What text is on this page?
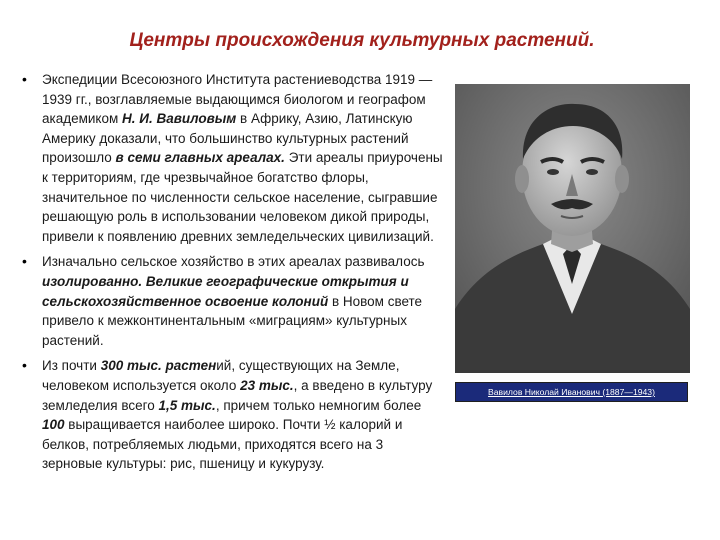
Центры происхождения культурных растений.
• Экспедиции Всесоюзного Института растениеводства 1919 —1939 гг., возглавляемые выдающимся биологом и географом академиком Н. И. Вавиловым в Африку, Азию, Латинскую Америку доказали, что большинство культурных растений произошло в семи главных ареалах. Эти ареалы приурочены к территориям, где чрезвычайное богатство флоры, значительное по численности сельское население, сыгравшие решающую роль в использовании человеком дикой природы, привели к появлению древних земледельческих цивилизаций.
• Изначально сельское хозяйство в этих ареалах развивалось изолированно. Великие географические открытия и сельскохозяйственное освоение колоний в Новом свете привело к межконтинентальным «миграциям» культурных растений.
• Из почти 300 тыс. растений, существующих на Земле, человеком используется около 23 тыс., а введено в культуру земледелия всего 1,5 тыс., причем только немногим более 100 выращивается наиболее широко. Почти ½ калорий и белков, потребляемых людьми, приходятся всего на 3 зерновые культуры: рис, пшеницу и кукурузу.
Вавилов Николай Иванович (1887—1943)
